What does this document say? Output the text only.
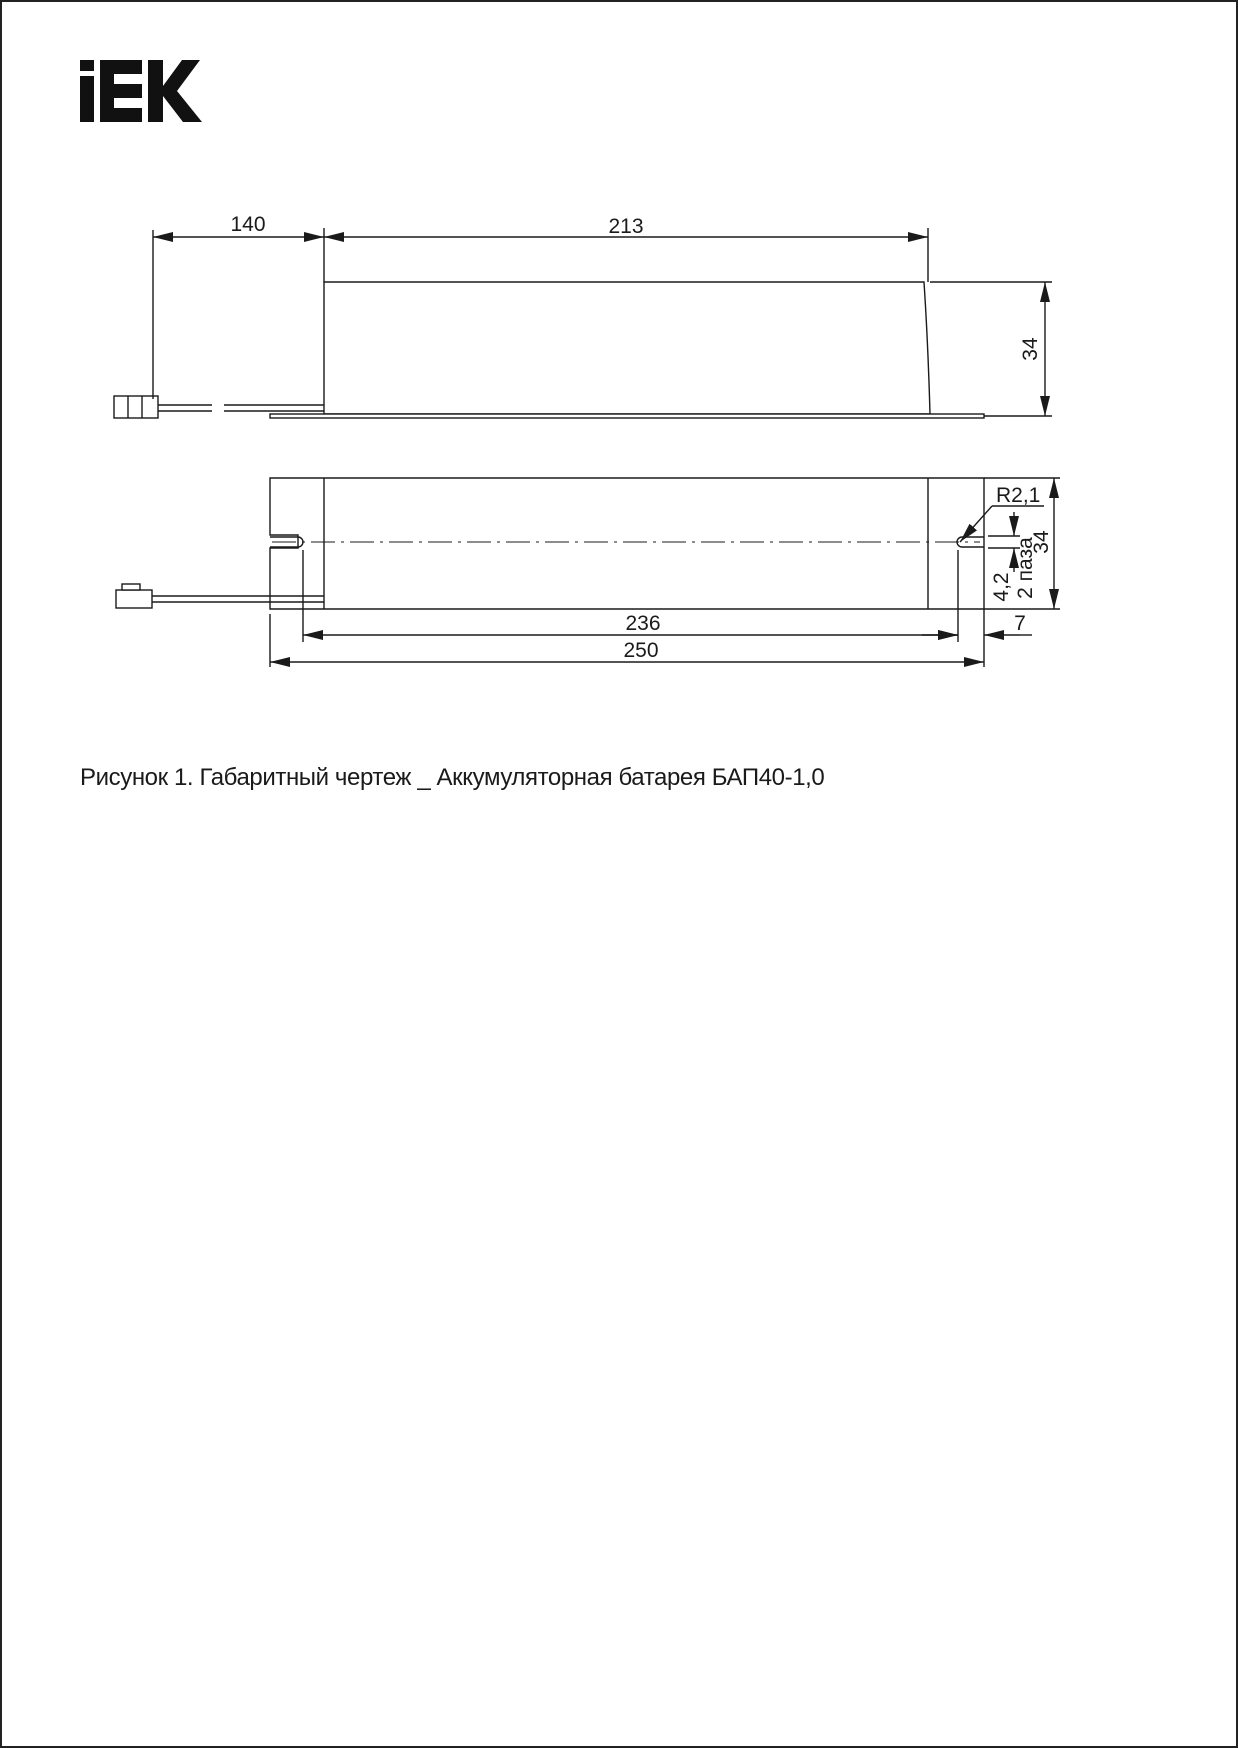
140	213
34
R2,1
34
2 паза
4,2
236
250
7
Рисунок 1. Габаритный чертеж _ Аккумуляторная батарея БАП40-1,0
